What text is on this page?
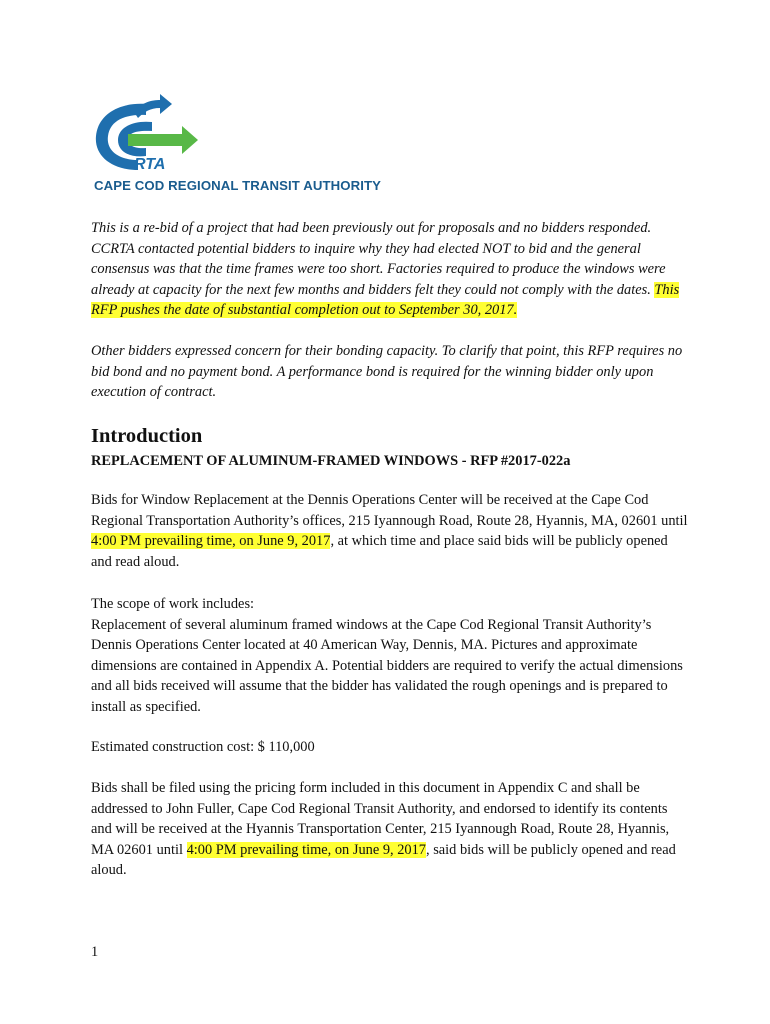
RTA
CAPE COD REGIONAL TRANSIT AUTHORITY
This is a re-bid of a project that had been previously out for proposals and no bidders responded. CCRTA contacted potential bidders to inquire why they had elected NOT to bid and the general consensus was that the time frames were too short. Factories required to produce the windows were already at capacity for the next few months and bidders felt they could not comply with the dates. This RFP pushes the date of substantial completion out to September 30, 2017.
Other bidders expressed concern for their bonding capacity. To clarify that point, this RFP requires no bid bond and no payment bond. A performance bond is required for the winning bidder only upon execution of contract.
Introduction
REPLACEMENT OF ALUMINUM-FRAMED WINDOWS - RFP #2017-022a
Bids for Window Replacement at the Dennis Operations Center will be received at the Cape Cod Regional Transportation Authority’s offices, 215 Iyannough Road, Route 28, Hyannis, MA, 02601 until 4:00 PM prevailing time, on June 9, 2017, at which time and place said bids will be publicly opened and read aloud.
The scope of work includes:
Replacement of several aluminum framed windows at the Cape Cod Regional Transit Authority’s Dennis Operations Center located at 40 American Way, Dennis, MA. Pictures and approximate dimensions are contained in Appendix A. Potential bidders are required to verify the actual dimensions and all bids received will assume that the bidder has validated the rough openings and is prepared to install as specified.
Estimated construction cost: $ 110,000
Bids shall be filed using the pricing form included in this document in Appendix C and shall be addressed to John Fuller, Cape Cod Regional Transit Authority, and endorsed to identify its contents and will be received at the Hyannis Transportation Center, 215 Iyannough Road, Route 28, Hyannis, MA 02601 until 4:00 PM prevailing time, on June 9, 2017, said bids will be publicly opened and read aloud.
1
